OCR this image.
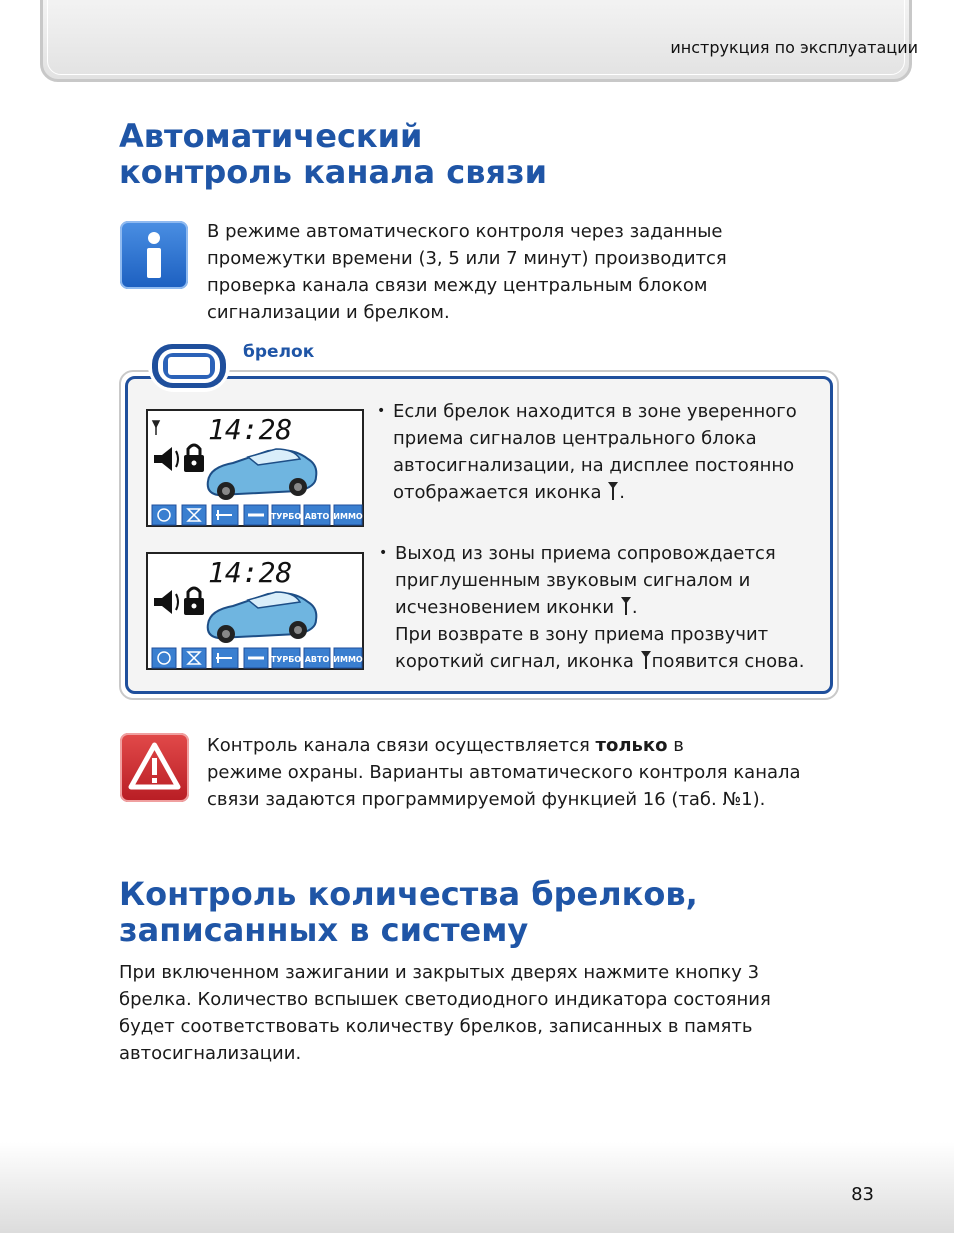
инструкция по эксплуатации
Автоматический
контроль канала связи
В режиме автоматического контроля через заданные
промежутки времени (3, 5 или 7 минут) производится
проверка канала связи между центральным блоком
сигнализации и брелком.
брелок
14:28
ТУРБО АВТО ИММО
14:28
ТУРБО АВТО ИММО
• Если брелок находится в зоне уверенного
приема сигналов центрального блока
автосигнализации, на дисплее постоянно
отображается иконка .
• Выход из зоны приема сопровождается
приглушенным звуковым сигналом и
исчезновением иконки .
При возврате в зону приема прозвучит
короткий сигнал, иконка появится снова.
Контроль канала связи осуществляется только в
режиме охраны. Варианты автоматического контроля канала
связи задаются программируемой функцией 16 (таб. №1).
Контроль количества брелков,
записанных в систему
При включенном зажигании и закрытых дверях нажмите кнопку 3
брелка. Количество вспышек светодиодного индикатора состояния
будет соответствовать количеству брелков, записанных в память
автосигнализации.
83
